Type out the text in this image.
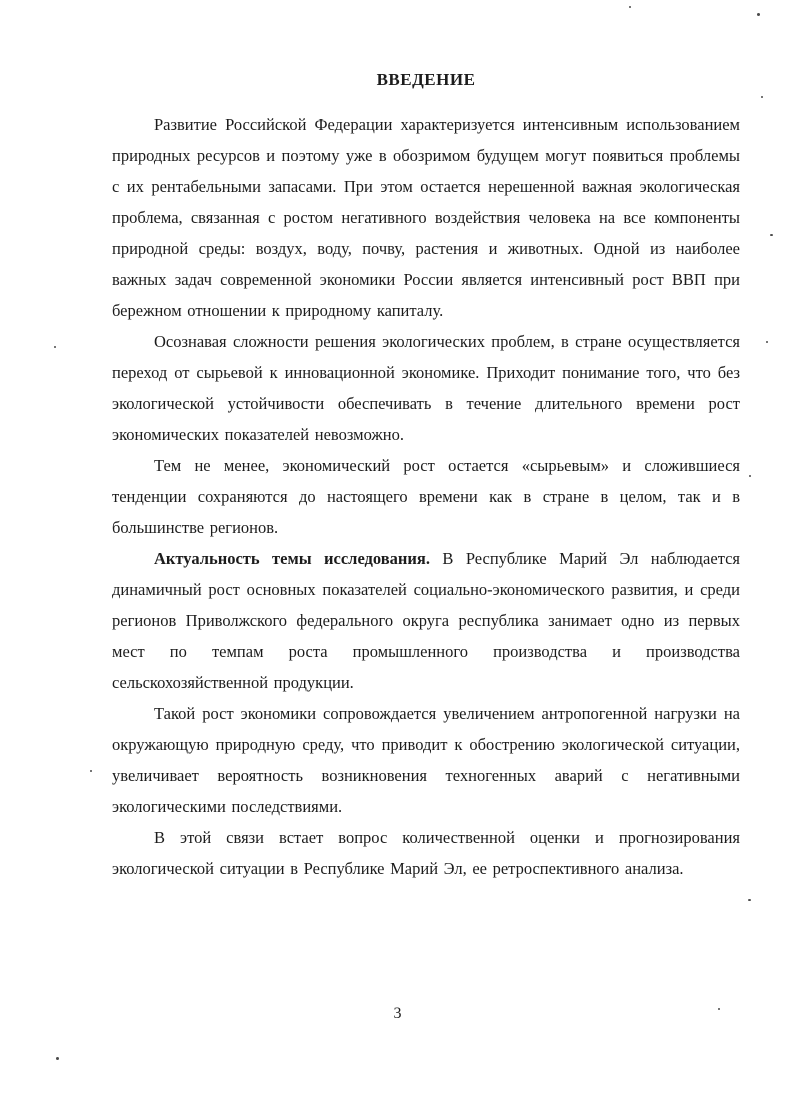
ВВЕДЕНИЕ

Развитие Российской Федерации характеризуется интенсивным использованием природных ресурсов и поэтому уже в обозримом будущем могут появиться проблемы с их рентабельными запасами. При этом остается нерешенной важная экологическая проблема, связанная с ростом негативного воздействия человека на все компоненты природной среды: воздух, воду, почву, растения и животных. Одной из наиболее важных задач современной экономики России является интенсивный рост ВВП при бережном отношении к природному капиталу.

Осознавая сложности решения экологических проблем, в стране осуществляется переход от сырьевой к инновационной экономике. Приходит понимание того, что без экологической устойчивости обеспечивать в течение длительного времени рост экономических показателей невозможно.

Тем не менее, экономический рост остается «сырьевым» и сложившиеся тенденции сохраняются до настоящего времени как в стране в целом, так и в большинстве регионов.

Актуальность темы исследования. В Республике Марий Эл наблюдается динамичный рост основных показателей социально-экономического развития, и среди регионов Приволжского федерального округа республика занимает одно из первых мест по темпам роста промышленного производства и производства сельскохозяйственной продукции.

Такой рост экономики сопровождается увеличением антропогенной нагрузки на окружающую природную среду, что приводит к обострению экологической ситуации, увеличивает вероятность возникновения техногенных аварий с негативными экологическими последствиями.

В этой связи встает вопрос количественной оценки и прогнозирования экологической ситуации в Республике Марий Эл, ее ретроспективного анализа.

3
